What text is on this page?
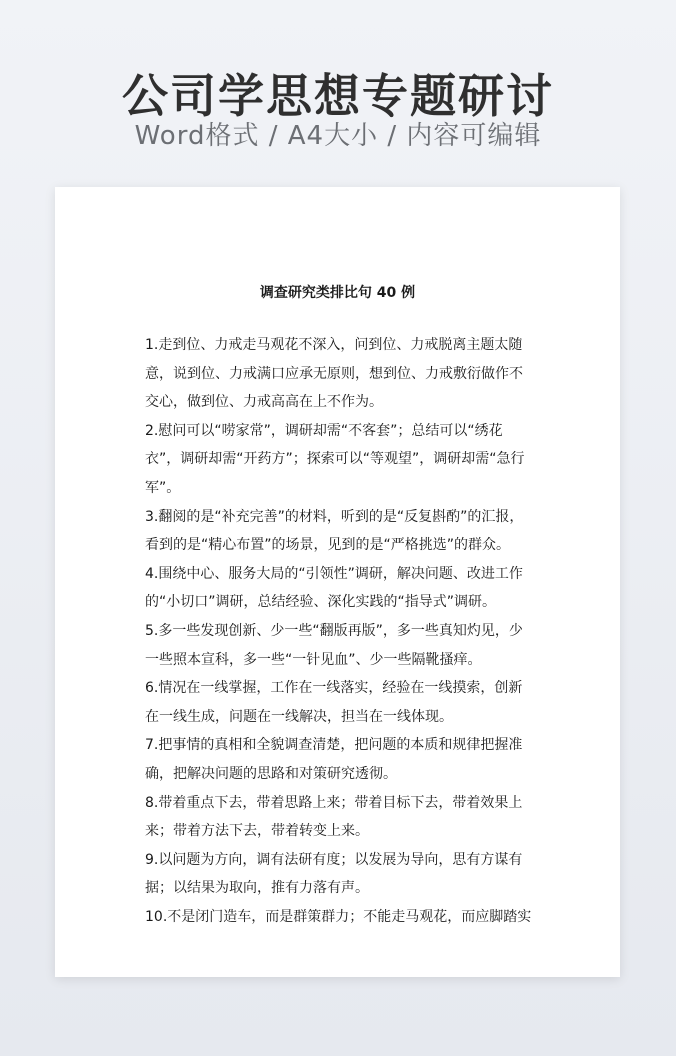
公司学思想专题研讨
Word格式 / A4大小 / 内容可编辑
调查研究类排比句 40 例
1.走到位、力戒走马观花不深入，问到位、力戒脱离主题太随意，说到位、力戒满口应承无原则，想到位、力戒敷衍做作不交心，做到位、力戒高高在上不作为。
2.慰问可以“唠家常”，调研却需“不客套”；总结可以“绣花衣”，调研却需“开药方”；探索可以“等观望”，调研却需“急行军”。
3.翻阅的是“补充完善”的材料，听到的是“反复斟酌”的汇报，看到的是“精心布置”的场景，见到的是“严格挑选”的群众。
4.围绕中心、服务大局的“引领性”调研，解决问题、改进工作的“小切口”调研，总结经验、深化实践的“指导式”调研。
5.多一些发现创新、少一些“翻版再版”，多一些真知灼见，少一些照本宣科，多一些“一针见血”、少一些隔靴搔痒。
6.情况在一线掌握，工作在一线落实，经验在一线摸索，创新在一线生成，问题在一线解决，担当在一线体现。
7.把事情的真相和全貌调查清楚，把问题的本质和规律把握准确，把解决问题的思路和对策研究透彻。
8.带着重点下去，带着思路上来；带着目标下去，带着效果上来；带着方法下去，带着转变上来。
9.以问题为方向，调有法研有度；以发展为导向，思有方谋有据；以结果为取向，推有力落有声。
10.不是闭门造车，而是群策群力；不能走马观花，而应脚踏实
